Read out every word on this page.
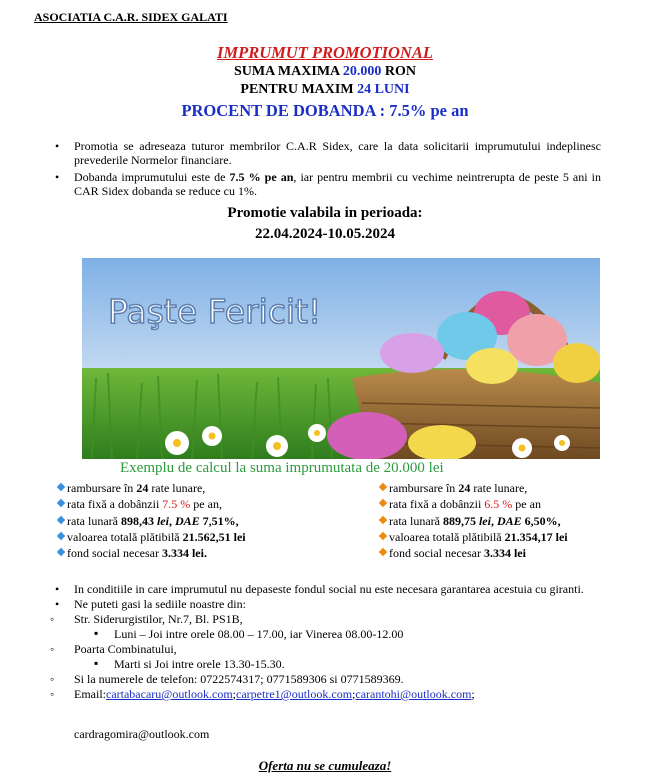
ASOCIATIA C.A.R. SIDEX GALATI
IMPRUMUT PROMOTIONAL
SUMA MAXIMA 20.000 RON
PENTRU MAXIM 24 LUNI
PROCENT DE DOBANDA : 7.5% pe an
• Promotia se adreseaza tuturor membrilor C.A.R Sidex, care la data solicitarii imprumutului indeplinesc prevederile Normelor financiare.
• Dobanda imprumutului este de 7.5 % pe an, iar pentru membrii cu vechime neintrerupta de peste 5 ani in CAR Sidex dobanda se reduce cu 1%.
Promotie valabila in perioada:
22.04.2024-10.05.2024
Paşte Fericit!
Exemplu de calcul la suma imprumutata de 20.000 lei
rambursare în 24 rate lunare,
rata fixă a dobânzii 7.5 % pe an,
rata lunară 898,43 lei, DAE 7,51%,
valoarea totală plătibilă 21.562,51 lei
fond social necesar 3.334 lei.
rambursare în 24 rate lunare,
rata fixă a dobânzii 6.5 % pe an
rata lunară 889,75 lei, DAE 6,50%,
valoarea totală plătibilă 21.354,17 lei
fond social necesar 3.334 lei
• In conditiile in care imprumutul nu depaseste fondul social nu este necesara garantarea acestuia cu giranti.
• Ne puteti gasi la sediile noastre din:
◦ Str. Siderurgistilor, Nr.7, Bl. PS1B,
▪ Luni – Joi intre orele 08.00 – 17.00, iar Vinerea 08.00-12.00
◦ Poarta Combinatului,
▪ Marti si Joi intre orele 13.30-15.30.
◦ Si la numerele de telefon: 0722574317; 0771589306 si 0771589369.
◦ Email:cartabacaru@outlook.com;carpetre1@outlook.com;carantohi@outlook.com;
cardragomira@outlook.com
Oferta nu se cumuleaza!
